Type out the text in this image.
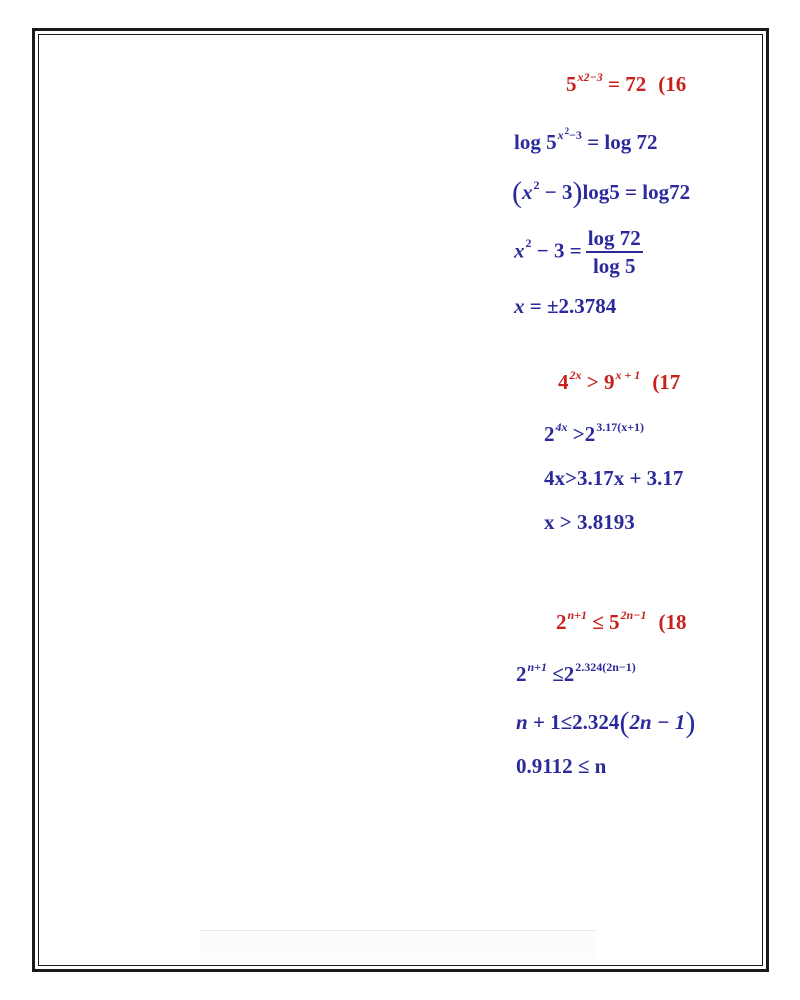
$5^{x2-3} = 72$ (16
$\log 5^{x^2-3} = \log 72$
$(x^2 - 3)\log 5 = \log 72$
$x^2 - 3 = \frac{\log 72}{\log 5}$
x = ±2.3784
$4^{2x} > 9^{x + 1}$ (17
$2^{4x} >2^{3.17(x+1)}$
4x>3.17x + 3.17
x > 3.8193
$2^{n+1} \le 5^{2n-1}$ (18
$2^{n+1} \le 2^{2.324(2n-1)}$
n + 1≤2.324(2n − 1)
0.9112 ≤ n
